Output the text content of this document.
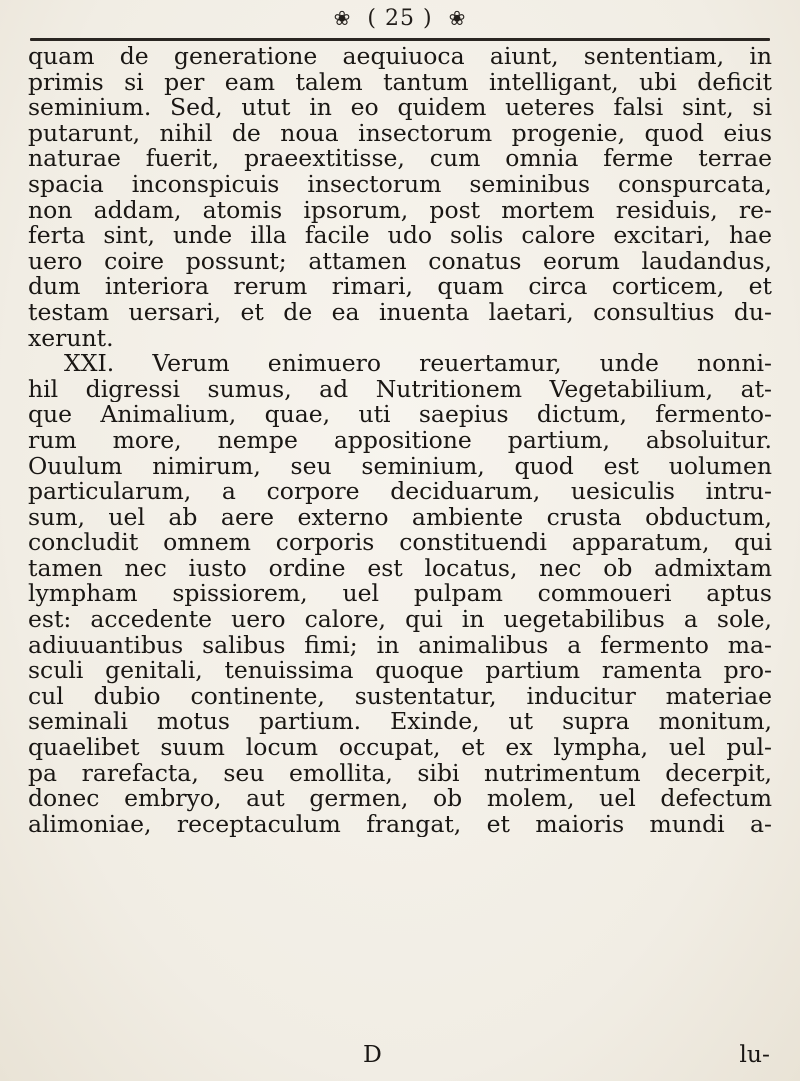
❀ ( 25 ) ❀
quam de generatione aequiuoca aiunt, sententiam, in
primis si per eam talem tantum intelligant, ubi deficit
seminium. Sed, utut in eo quidem ueteres falsi sint, si
putarunt, nihil de noua insectorum progenie, quod eius
naturae fuerit, praeextitisse, cum omnia ferme terrae
spacia inconspicuis insectorum seminibus conspurcata,
non addam, atomis ipsorum, post mortem residuis, re-
ferta sint, unde illa facile udo solis calore excitari, hae
uero coire possunt; attamen conatus eorum laudandus,
dum interiora rerum rimari, quam circa corticem, et
testam uersari, et de ea inuenta laetari, consultius du-
xerunt.
XXI. Verum enimuero reuertamur, unde nonni-
hil digressi sumus, ad Nutritionem Vegetabilium, at-
que Animalium, quae, uti saepius dictum, fermento-
rum more, nempe appositione partium, absoluitur.
Ouulum nimirum, seu seminium, quod est uolumen
particularum, a corpore deciduarum, uesiculis intru-
sum, uel ab aere externo ambiente crusta obductum,
concludit omnem corporis constituendi apparatum, qui
tamen nec iusto ordine est locatus, nec ob admixtam
lympham spissiorem, uel pulpam commoueri aptus
est: accedente uero calore, qui in uegetabilibus a sole,
adiuuantibus salibus fimi; in animalibus a fermento ma-
sculi genitali, tenuissima quoque partium ramenta pro-
cul dubio continente, sustentatur, inducitur materiae
seminali motus partium. Exinde, ut supra monitum,
quaelibet suum locum occupat, et ex lympha, uel pul-
pa rarefacta, seu emollita, sibi nutrimentum decerpit,
donec embryo, aut germen, ob molem, uel defectum
alimoniae, receptaculum frangat, et maioris mundi a-
D	lu-
